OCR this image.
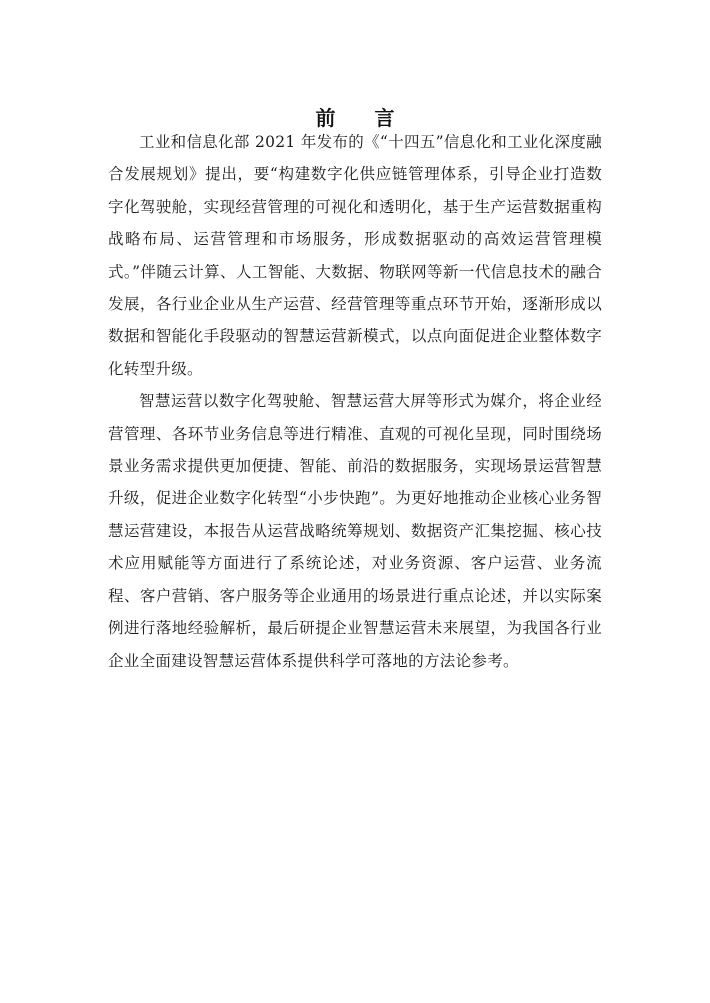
前 言

工业和信息化部 2021 年发布的《“十四五”信息化和工业化深度融合发展规划》提出，要“构建数字化供应链管理体系，引导企业打造数字化驾驶舱，实现经营管理的可视化和透明化，基于生产运营数据重构战略布局、运营管理和市场服务，形成数据驱动的高效运营管理模式。”伴随云计算、人工智能、大数据、物联网等新一代信息技术的融合发展，各行业企业从生产运营、经营管理等重点环节开始，逐渐形成以数据和智能化手段驱动的智慧运营新模式，以点向面促进企业整体数字化转型升级。

智慧运营以数字化驾驶舱、智慧运营大屏等形式为媒介，将企业经营管理、各环节业务信息等进行精准、直观的可视化呈现，同时围绕场景业务需求提供更加便捷、智能、前沿的数据服务，实现场景运营智慧升级，促进企业数字化转型“小步快跑”。为更好地推动企业核心业务智慧运营建设，本报告从运营战略统筹规划、数据资产汇集挖掘、核心技术应用赋能等方面进行了系统论述，对业务资源、客户运营、业务流程、客户营销、客户服务等企业通用的场景进行重点论述，并以实际案例进行落地经验解析，最后研提企业智慧运营未来展望，为我国各行业企业全面建设智慧运营体系提供科学可落地的方法论参考。
